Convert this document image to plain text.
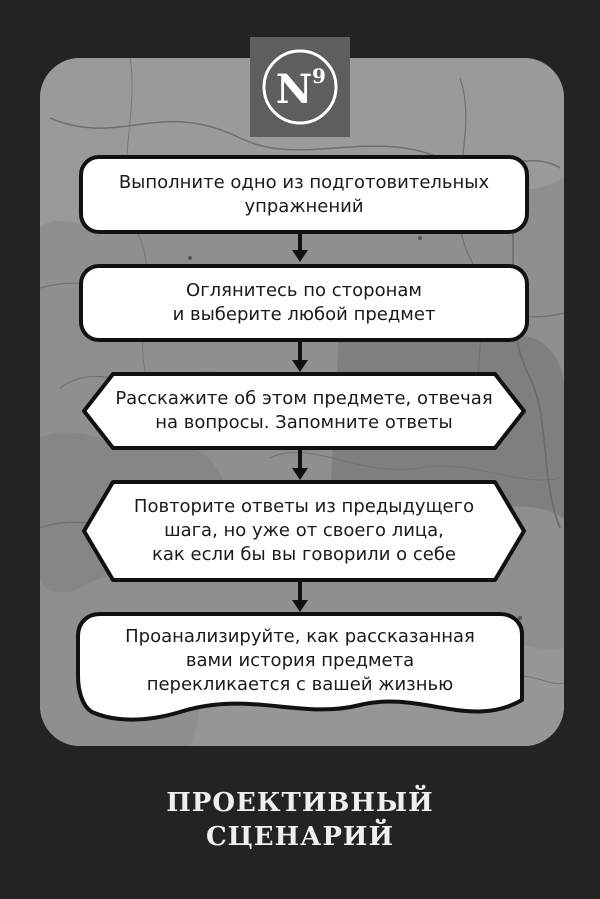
N 9
Выполните одно из подготовительных
упражнений
Оглянитесь по сторонам
и выберите любой предмет
Расскажите об этом предмете, отвечая
на вопросы. Запомните ответы
Повторите ответы из предыдущего
шага, но уже от своего лица,
как если бы вы говорили о себе
Проанализируйте, как рассказанная
вами история предмета
перекликается с вашей жизнью
ПРОЕКТИВНЫЙ
СЦЕНАРИЙ
